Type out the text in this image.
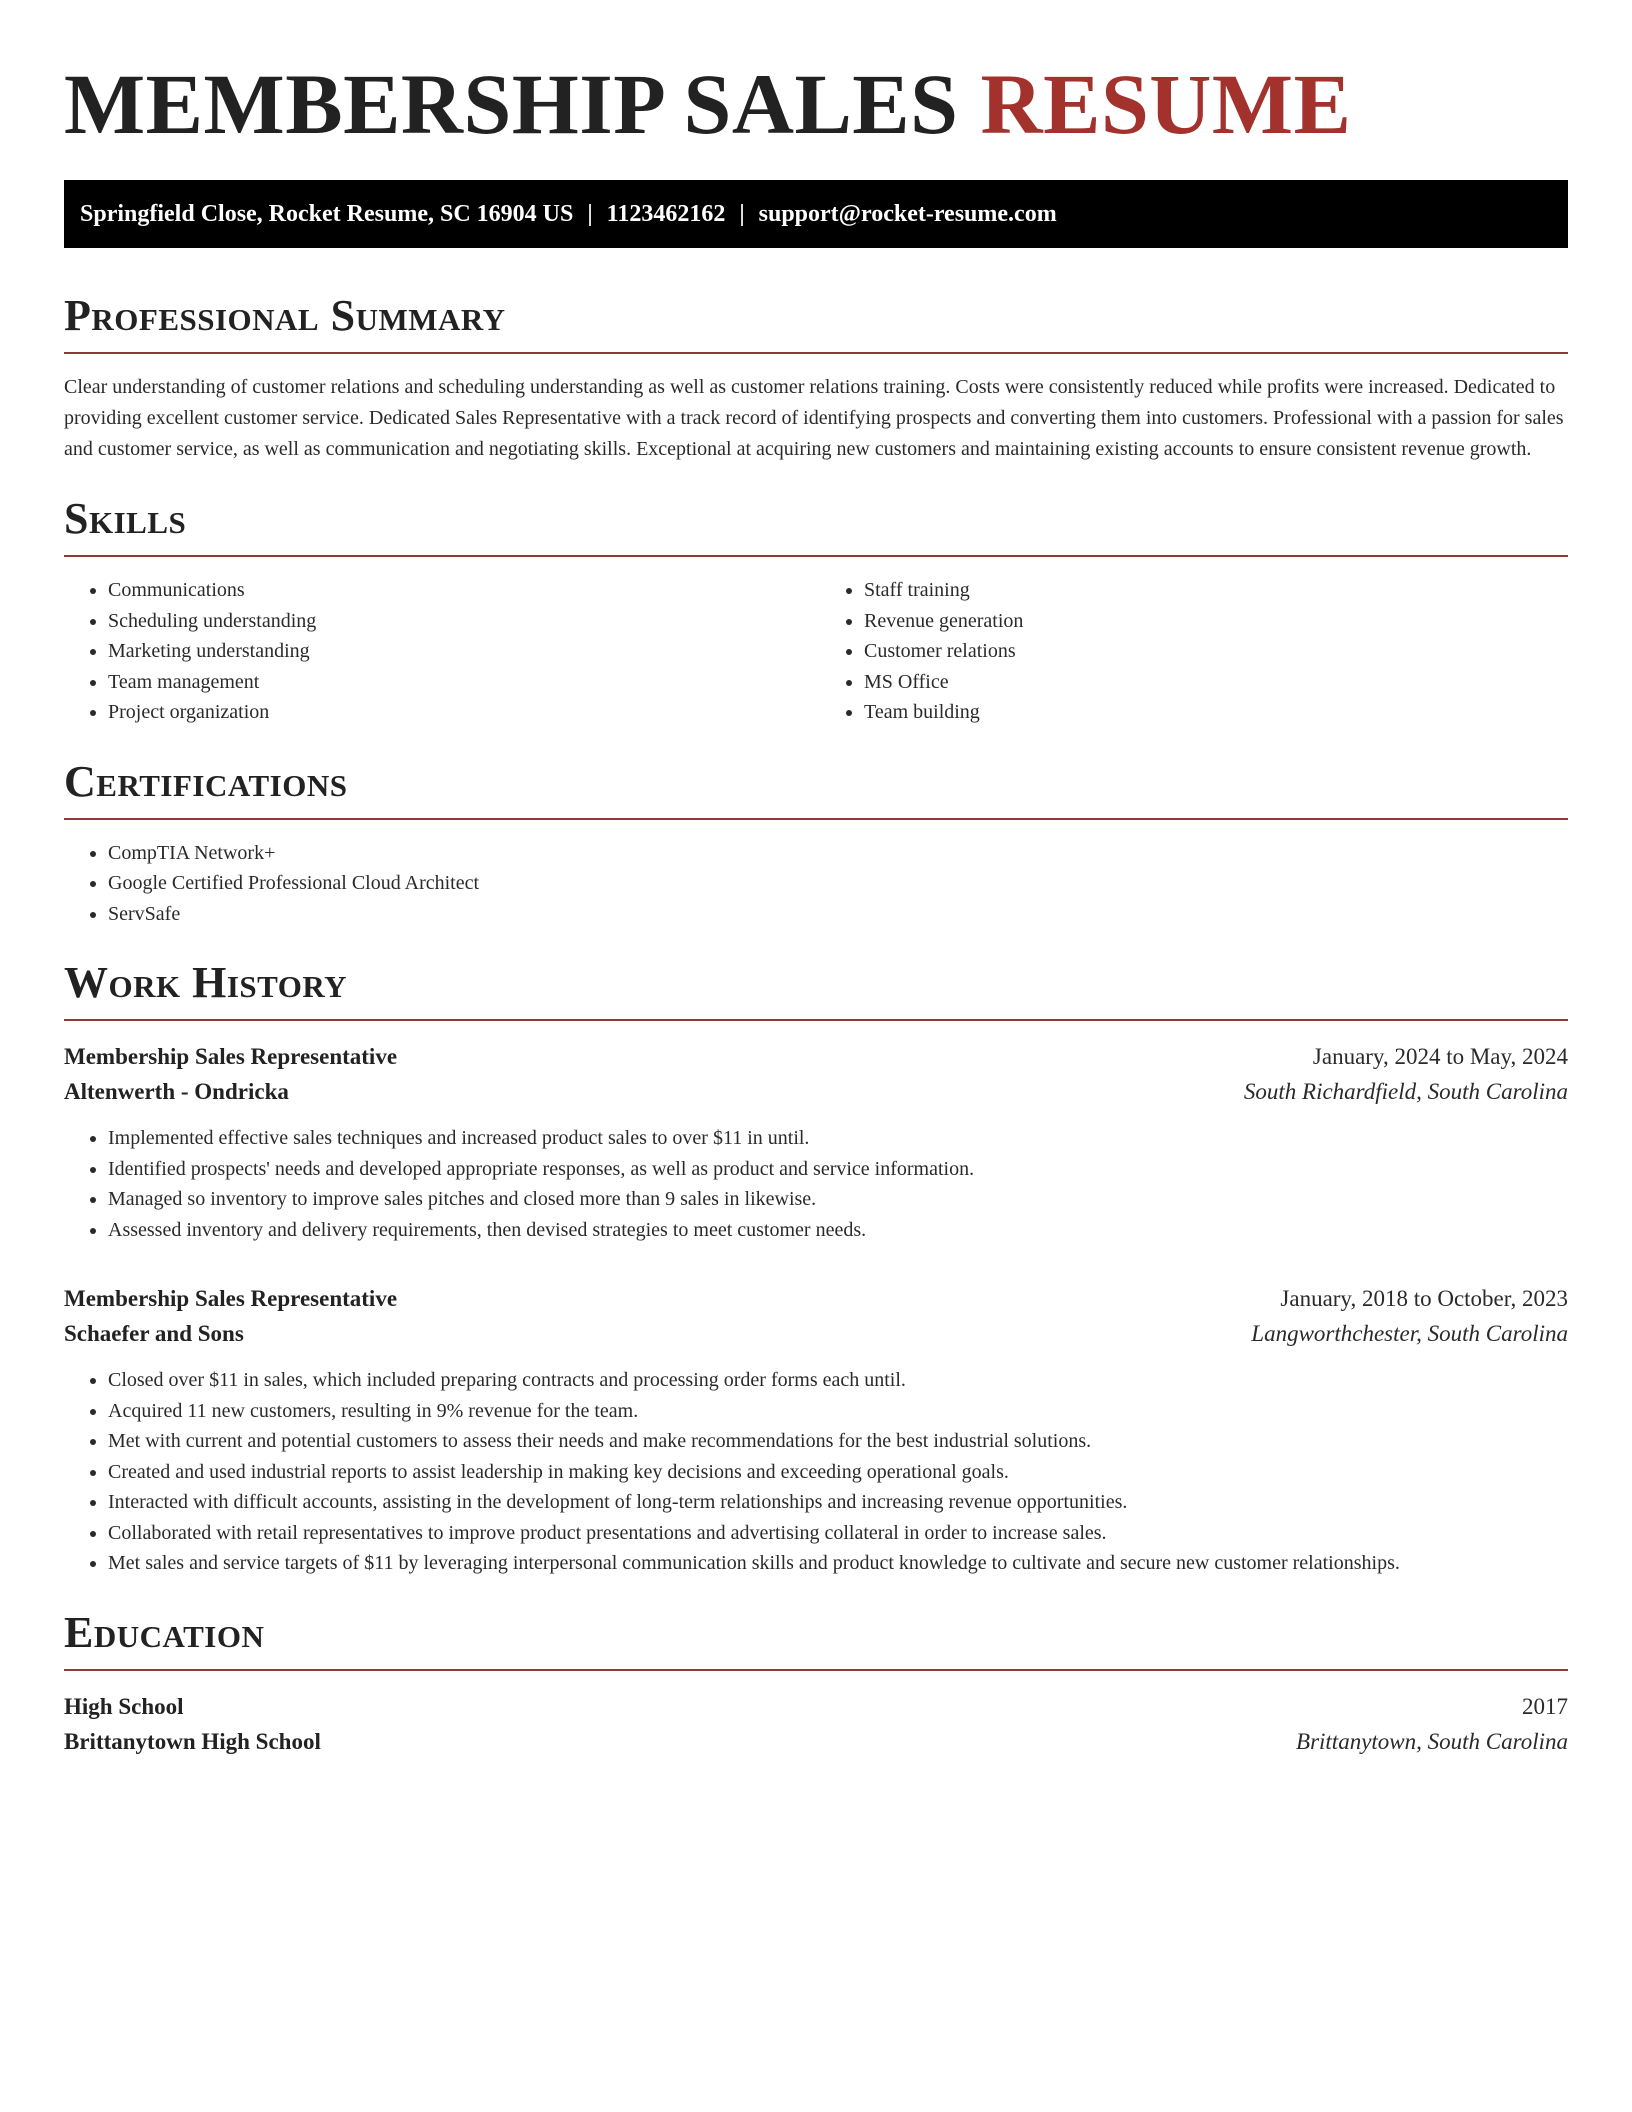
MEMBERSHIP SALES RESUME
Springfield Close, Rocket Resume, SC 16904 US | 1123462162 | support@rocket-resume.com
Professional Summary

Clear understanding of customer relations and scheduling understanding as well as customer relations training. Costs were consistently reduced while profits were increased. Dedicated to providing excellent customer service. Dedicated Sales Representative with a track record of identifying prospects and converting them into customers. Professional with a passion for sales and customer service, as well as communication and negotiating skills. Exceptional at acquiring new customers and maintaining existing accounts to ensure consistent revenue growth.

Skills
• Communications
• Scheduling understanding
• Marketing understanding
• Team management
• Project organization
• Staff training
• Revenue generation
• Customer relations
• MS Office
• Team building
Certifications
• CompTIA Network+
• Google Certified Professional Cloud Architect
• ServSafe
Work History
Membership Sales Representative	January, 2024 to May, 2024
Altenwerth - Ondricka	South Richardfield, South Carolina
• Implemented effective sales techniques and increased product sales to over $11 in until.
• Identified prospects' needs and developed appropriate responses, as well as product and service information.
• Managed so inventory to improve sales pitches and closed more than 9 sales in likewise.
• Assessed inventory and delivery requirements, then devised strategies to meet customer needs.
Membership Sales Representative	January, 2018 to October, 2023
Schaefer and Sons	Langworthchester, South Carolina
• Closed over $11 in sales, which included preparing contracts and processing order forms each until.
• Acquired 11 new customers, resulting in 9% revenue for the team.
• Met with current and potential customers to assess their needs and make recommendations for the best industrial solutions.
• Created and used industrial reports to assist leadership in making key decisions and exceeding operational goals.
• Interacted with difficult accounts, assisting in the development of long-term relationships and increasing revenue opportunities.
• Collaborated with retail representatives to improve product presentations and advertising collateral in order to increase sales.
• Met sales and service targets of $11 by leveraging interpersonal communication skills and product knowledge to cultivate and secure new customer relationships.
Education
High School	2017
Brittanytown High School	Brittanytown, South Carolina
